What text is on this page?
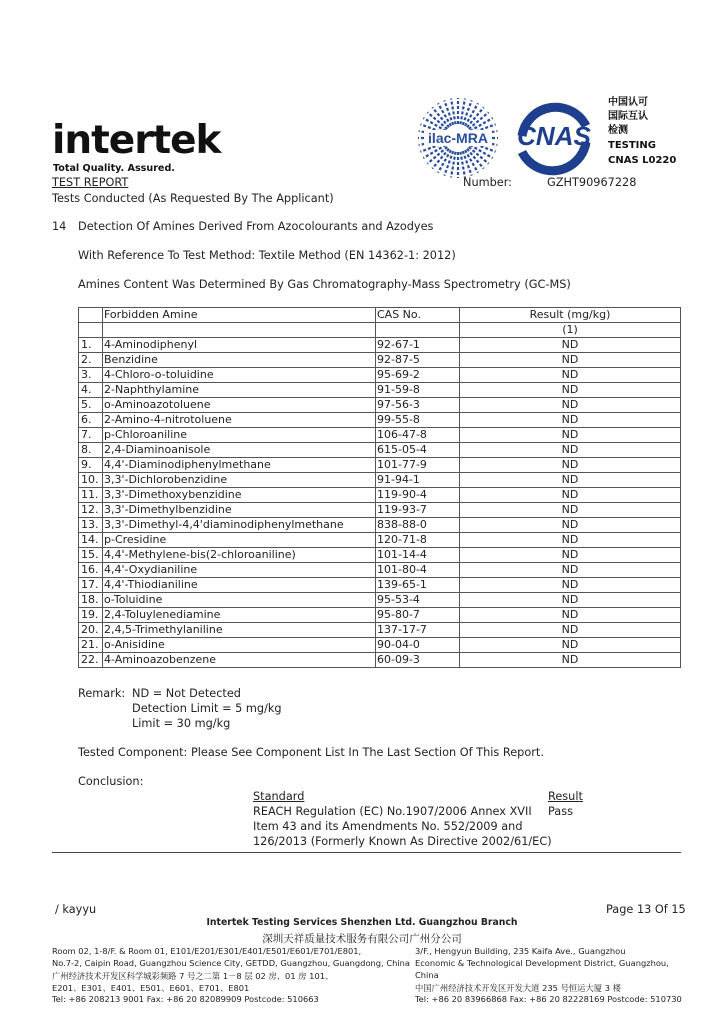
intertek
Total Quality. Assured.
ilac-MRA CNAS
中国认可
国际互认
检测
TESTING
CNAS L0220
TEST REPORT	Number:	GZHT90967228
Tests Conducted (As Requested By The Applicant)
14 Detection Of Amines Derived From Azocolourants and Azodyes
With Reference To Test Method: Textile Method (EN 14362-1: 2012)
Amines Content Was Determined By Gas Chromatography-Mass Spectrometry (GC-MS)
	Forbidden Amine	CAS No.	Result (mg/kg)
			(1)
1.	4-Aminodiphenyl	92-67-1	ND
2.	Benzidine	92-87-5	ND
3.	4-Chloro-o-toluidine	95-69-2	ND
4.	2-Naphthylamine	91-59-8	ND
5.	o-Aminoazotoluene	97-56-3	ND
6.	2-Amino-4-nitrotoluene	99-55-8	ND
7.	p-Chloroaniline	106-47-8	ND
8.	2,4-Diaminoanisole	615-05-4	ND
9.	4,4'-Diaminodiphenylmethane	101-77-9	ND
10.	3,3'-Dichlorobenzidine	91-94-1	ND
11.	3,3'-Dimethoxybenzidine	119-90-4	ND
12.	3,3'-Dimethylbenzidine	119-93-7	ND
13.	3,3'-Dimethyl-4,4'diaminodiphenylmethane	838-88-0	ND
14.	p-Cresidine	120-71-8	ND
15.	4,4'-Methylene-bis(2-chloroaniline)	101-14-4	ND
16.	4,4'-Oxydianiline	101-80-4	ND
17.	4,4'-Thiodianiline	139-65-1	ND
18.	o-Toluidine	95-53-4	ND
19.	2,4-Toluylenediamine	95-80-7	ND
20.	2,4,5-Trimethylaniline	137-17-7	ND
21.	o-Anisidine	90-04-0	ND
22.	4-Aminoazobenzene	60-09-3	ND
Remark: ND = Not Detected
Detection Limit = 5 mg/kg
Limit = 30 mg/kg
Tested Component: Please See Component List In The Last Section Of This Report.
Conclusion:
Standard	Result
REACH Regulation (EC) No.1907/2006 Annex XVII
Item 43 and its Amendments No. 552/2009 and
126/2013 (Formerly Known As Directive 2002/61/EC)
Pass
/ kayyu	Page 13 Of 15
Intertek Testing Services Shenzhen Ltd. Guangzhou Branch
深圳天祥质量技术服务有限公司广州分公司
Room 02, 1-8/F. & Room 01, E101/E201/E301/E401/E501/E601/E701/E801,
No.7-2, Caipin Road, Guangzhou Science City, GETDD, Guangzhou, Guangdong, China
广州经济技术开发区科学城彩频路 7 号之二第 1－8 层 02 房、01 房 101、
E201、E301、E401、E501、E601、E701、E801
Tel: +86 208213 9001 Fax: +86 20 82089909 Postcode: 510663
3/F., Hengyun Building, 235 Kaifa Ave., Guangzhou
Economic & Technological Development District, Guangzhou,
China
中国广州经济技术开发区开发大道 235 号恒运大厦 3 楼
Tel: +86 20 83966868 Fax: +86 20 82228169 Postcode: 510730
